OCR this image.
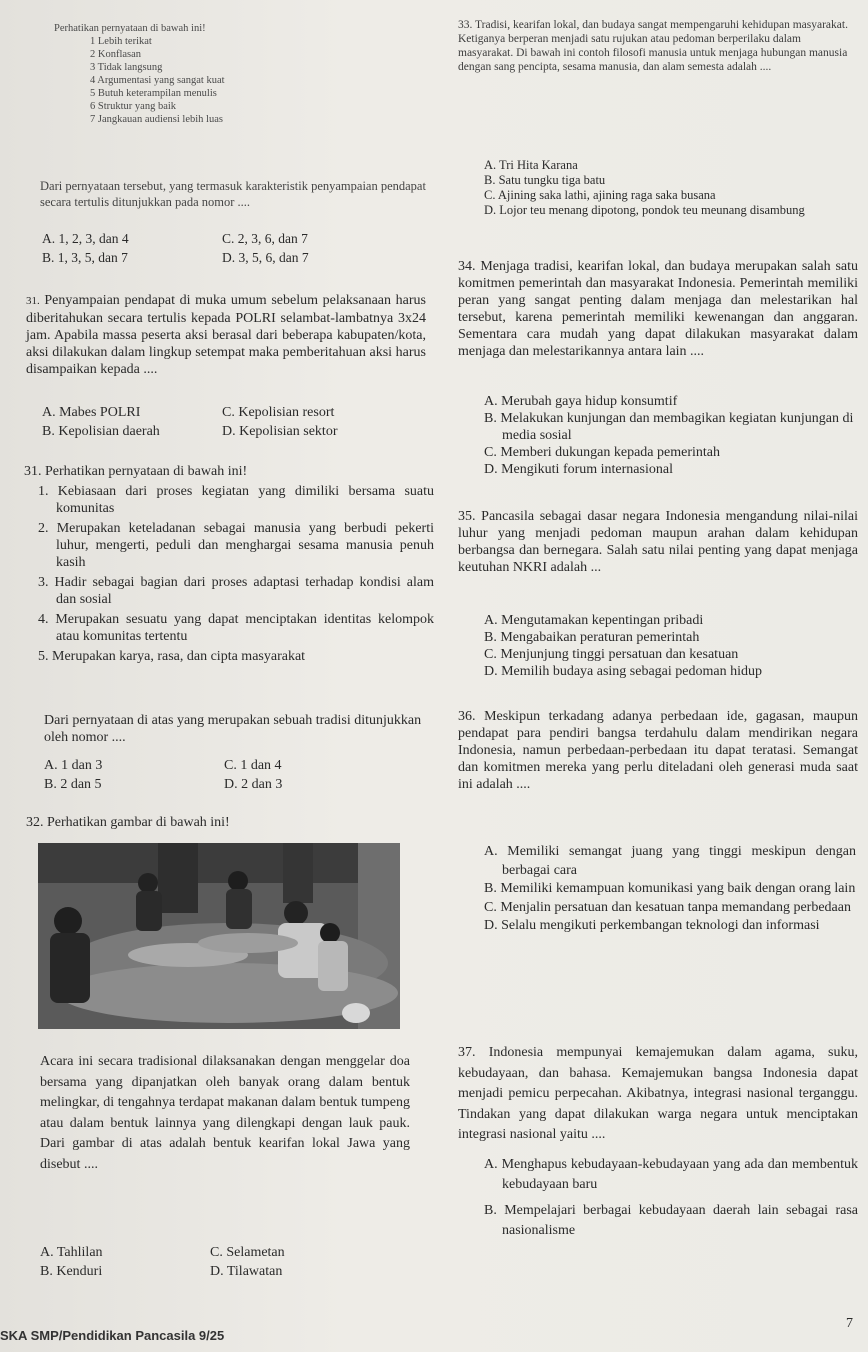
Perhatikan pernyataan di bawah ini!
1 Lebih terikat
2 Konflasan
3 Tidak langsung
4 Argumentasi yang sangat kuat
5 Butuh keterampilan menulis
6 Struktur yang baik
7 Jangkauan audiensi lebih luas
Dari pernyataan tersebut, yang termasuk karakteristik penyampaian pendapat secara tertulis ditunjukkan pada nomor ....
A. 1, 2, 3, dan 4	C. 2, 3, 6, dan 7
B. 1, 3, 5, dan 7	D. 3, 5, 6, dan 7
31. Penyampaian pendapat di muka umum sebelum pelaksanaan harus diberitahukan secara tertulis kepada POLRI selambat-lambatnya 3x24 jam. Apabila massa peserta aksi berasal dari beberapa kabupaten/kota, aksi dilakukan dalam lingkup setempat maka pemberitahuan aksi harus disampaikan kepada ....
A. Mabes POLRI	C. Kepolisian resort
B. Kepolisian daerah	D. Kepolisian sektor
31. Perhatikan pernyataan di bawah ini!
1. Kebiasaan dari proses kegiatan yang dimiliki bersama suatu komunitas
2. Merupakan keteladanan sebagai manusia yang berbudi pekerti luhur, mengerti, peduli dan menghargai sesama manusia penuh kasih
3. Hadir sebagai bagian dari proses adaptasi terhadap kondisi alam dan sosial
4. Merupakan sesuatu yang dapat menciptakan identitas kelompok atau komunitas tertentu
5. Merupakan karya, rasa, dan cipta masyarakat
Dari pernyataan di atas yang merupakan sebuah tradisi ditunjukkan oleh nomor ....
A. 1 dan 3	C. 1 dan 4
B. 2 dan 5	D. 2 dan 3
32. Perhatikan gambar di bawah ini!
Acara ini secara tradisional dilaksanakan dengan menggelar doa bersama yang dipanjatkan oleh banyak orang dalam bentuk melingkar, di tengahnya terdapat makanan dalam bentuk tumpeng atau dalam bentuk lainnya yang dilengkapi dengan lauk pauk. Dari gambar di atas adalah bentuk kearifan lokal Jawa yang disebut ....
A. Tahlilan	C. Selametan
B. Kenduri	D. Tilawatan
33. Tradisi, kearifan lokal, dan budaya sangat mempengaruhi kehidupan masyarakat. Ketiganya berperan menjadi satu rujukan atau pedoman berperilaku dalam masyarakat. Di bawah ini contoh filosofi manusia untuk menjaga hubungan manusia dengan sang pencipta, sesama manusia, dan alam semesta adalah ....
A. Tri Hita Karana
B. Satu tungku tiga batu
C. Ajining saka lathi, ajining raga saka busana
D. Lojor teu menang dipotong, pondok teu meunang disambung
34. Menjaga tradisi, kearifan lokal, dan budaya merupakan salah satu komitmen pemerintah dan masyarakat Indonesia. Pemerintah memiliki peran yang sangat penting dalam menjaga dan melestarikan hal tersebut, karena pemerintah memiliki kewenangan dan anggaran. Sementara cara mudah yang dapat dilakukan masyarakat dalam menjaga dan melestarikannya antara lain ....
A. Merubah gaya hidup konsumtif
B. Melakukan kunjungan dan membagikan kegiatan kunjungan di media sosial
C. Memberi dukungan kepada pemerintah
D. Mengikuti forum internasional
35. Pancasila sebagai dasar negara Indonesia mengandung nilai-nilai luhur yang menjadi pedoman maupun arahan dalam kehidupan berbangsa dan bernegara. Salah satu nilai penting yang dapat menjaga keutuhan NKRI adalah ...
A. Mengutamakan kepentingan pribadi
B. Mengabaikan peraturan pemerintah
C. Menjunjung tinggi persatuan dan kesatuan
D. Memilih budaya asing sebagai pedoman hidup
36. Meskipun terkadang adanya perbedaan ide, gagasan, maupun pendapat para pendiri bangsa terdahulu dalam mendirikan negara Indonesia, namun perbedaan-perbedaan itu dapat teratasi. Semangat dan komitmen mereka yang perlu diteladani oleh generasi muda saat ini adalah ....
A. Memiliki semangat juang yang tinggi meskipun dengan berbagai cara
B. Memiliki kemampuan komunikasi yang baik dengan orang lain
C. Menjalin persatuan dan kesatuan tanpa memandang perbedaan
D. Selalu mengikuti perkembangan teknologi dan informasi
37. Indonesia mempunyai kemajemukan dalam agama, suku, kebudayaan, dan bahasa. Kemajemukan bangsa Indonesia dapat menjadi pemicu perpecahan. Akibatnya, integrasi nasional terganggu. Tindakan yang dapat dilakukan warga negara untuk menciptakan integrasi nasional yaitu ....
A. Menghapus kebudayaan-kebudayaan yang ada dan membentuk kebudayaan baru
B. Mempelajari berbagai kebudayaan daerah lain sebagai rasa nasionalisme
SKA SMP/Pendidikan Pancasila 9/25
7
